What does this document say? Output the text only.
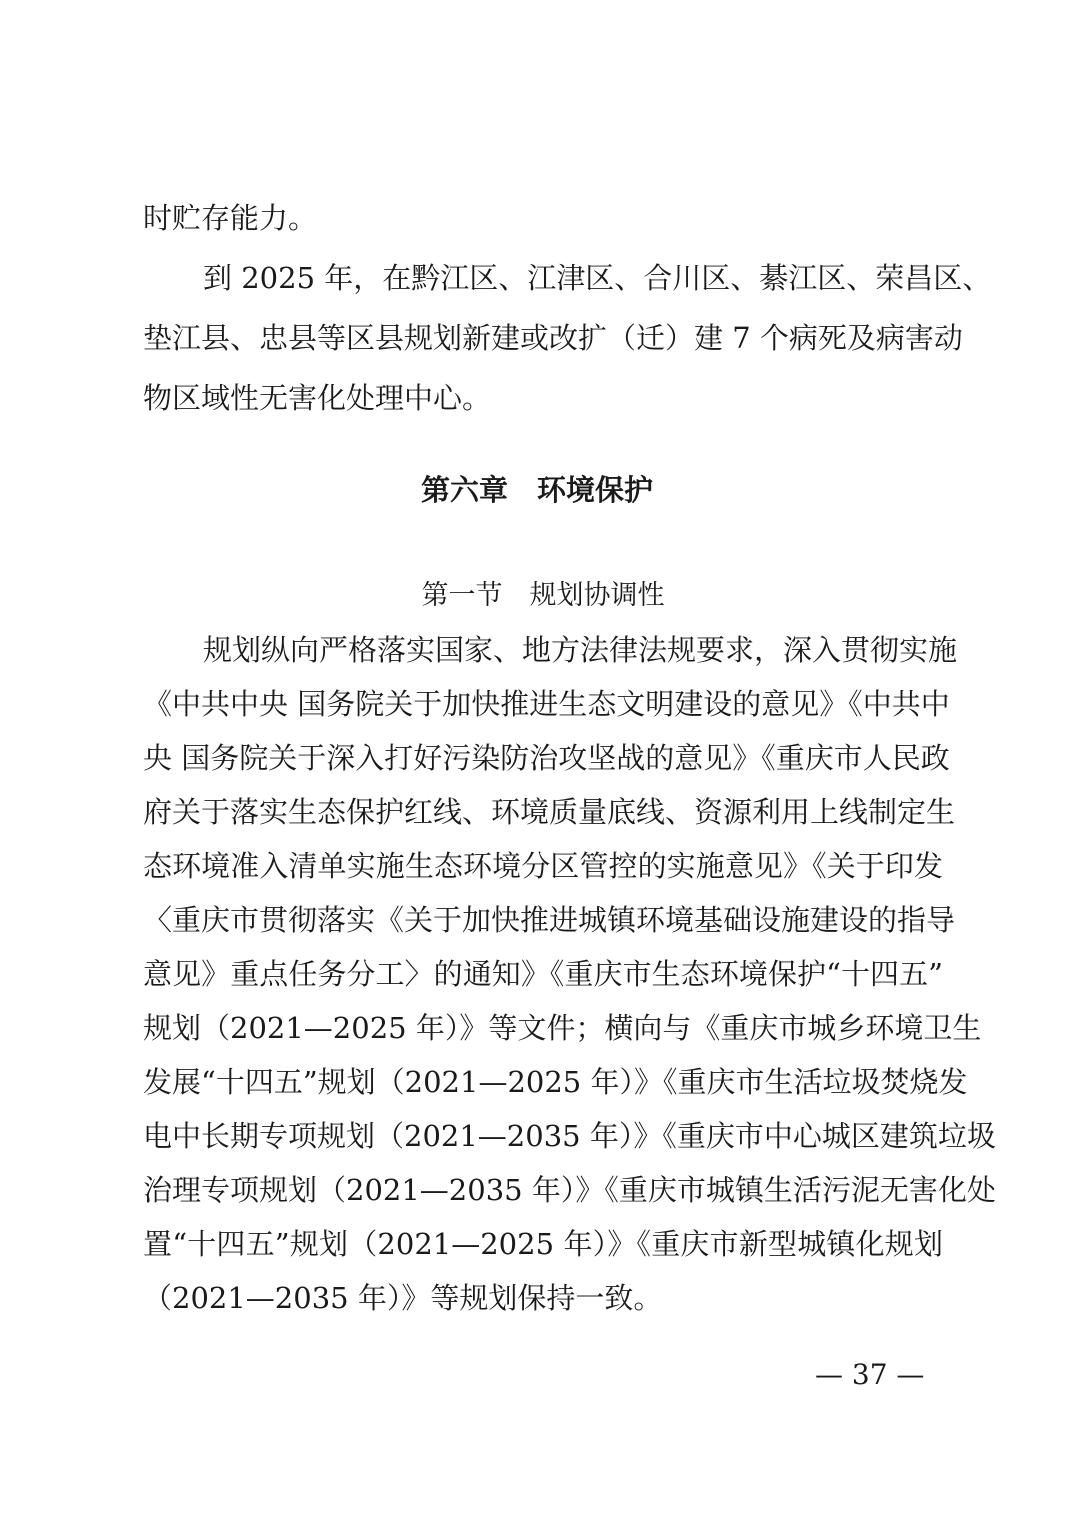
时贮存能力。
到 2025 年，在黔江区、江津区、合川区、綦江区、荣昌区、
垫江县、忠县等区县规划新建或改扩（迁）建 7 个病死及病害动
物区域性无害化处理中心。
第六章　环境保护
第一节　规划协调性
规划纵向严格落实国家、地方法律法规要求，深入贯彻实施
《中共中央 国务院关于加快推进生态文明建设的意见》《中共中
央 国务院关于深入打好污染防治攻坚战的意见》《重庆市人民政
府关于落实生态保护红线、环境质量底线、资源利用上线制定生
态环境准入清单实施生态环境分区管控的实施意见》《关于印发
〈重庆市贯彻落实《关于加快推进城镇环境基础设施建设的指导
意见》重点任务分工〉的通知》《重庆市生态环境保护“十四五”
规划（2021—2025 年）》等文件；横向与《重庆市城乡环境卫生
发展“十四五”规划（2021—2025 年）》《重庆市生活垃圾焚烧发
电中长期专项规划（2021—2035 年）》《重庆市中心城区建筑垃圾
治理专项规划（2021—2035 年）》《重庆市城镇生活污泥无害化处
置“十四五”规划（2021—2025 年）》《重庆市新型城镇化规划
（2021—2035 年）》等规划保持一致。
— 37 —
